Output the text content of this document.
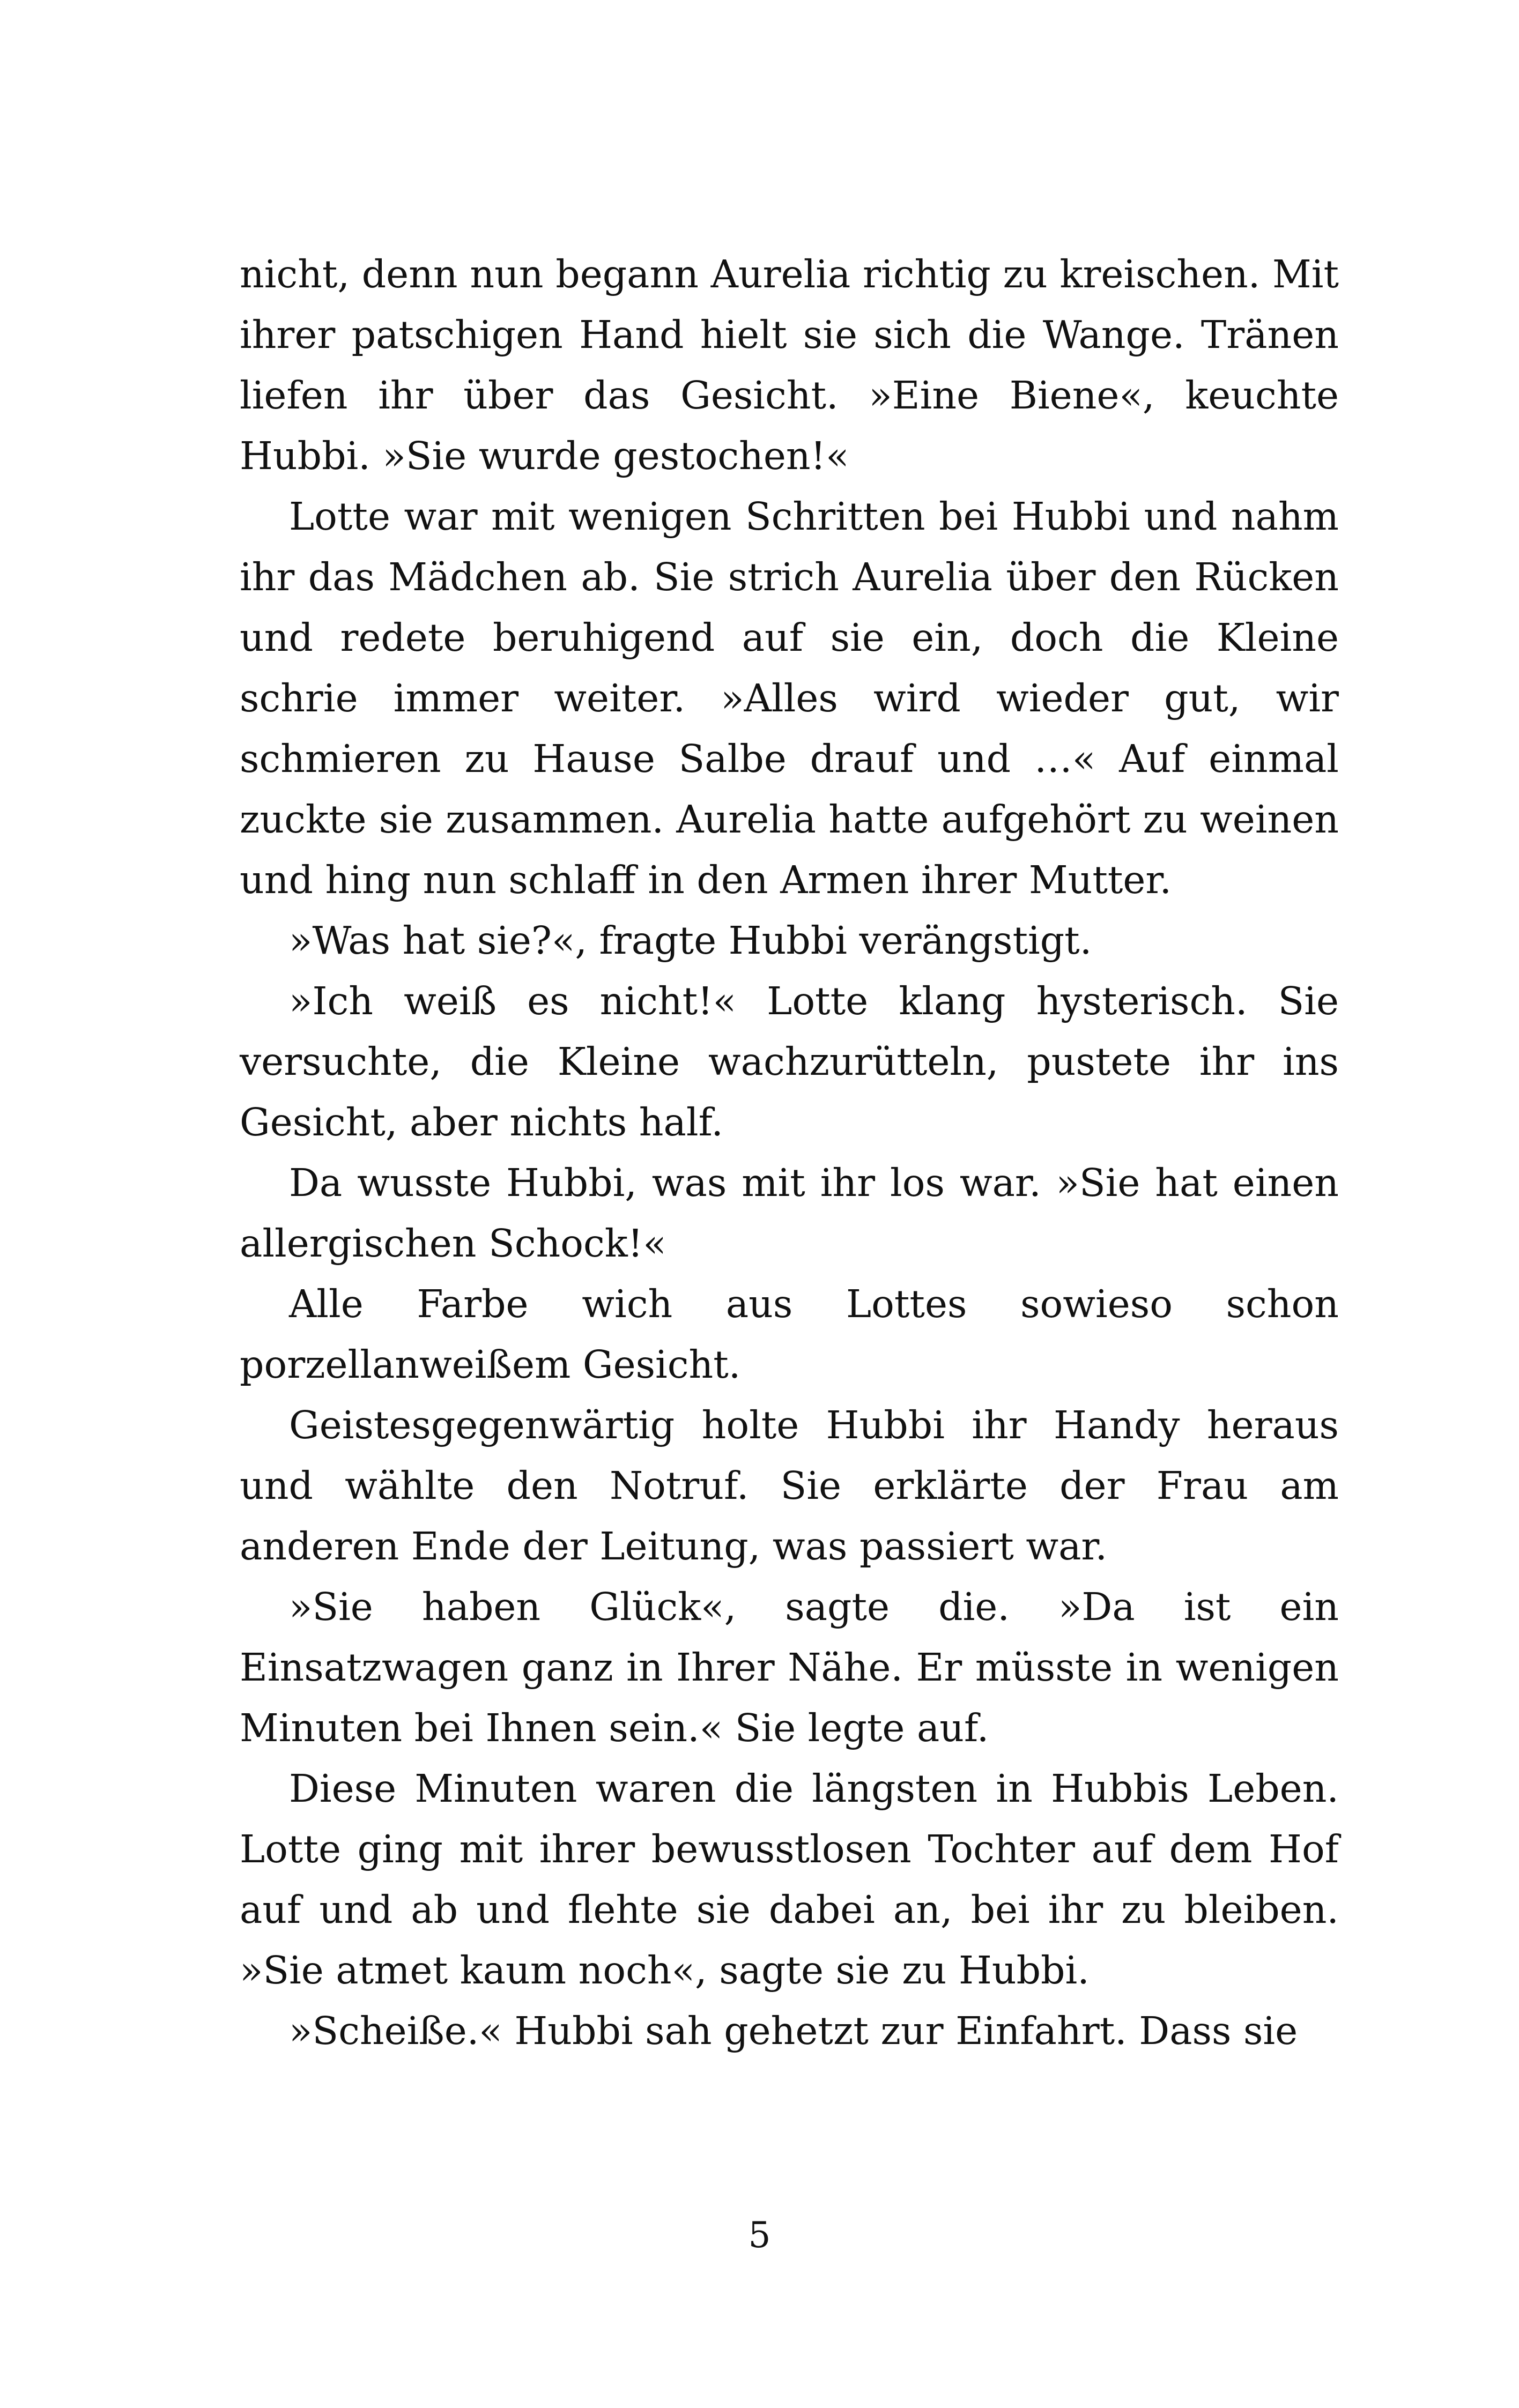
nicht, denn nun begann Aurelia richtig zu kreischen. Mit ihrer patschigen Hand hielt sie sich die Wange. Tränen liefen ihr über das Gesicht. »Eine Biene«, keuchte Hubbi. »Sie wurde gestochen!«

Lotte war mit wenigen Schritten bei Hubbi und nahm ihr das Mädchen ab. Sie strich Aurelia über den Rücken und redete beruhigend auf sie ein, doch die Kleine schrie immer weiter. »Alles wird wieder gut, wir schmieren zu Hause Salbe drauf und …« Auf einmal zuckte sie zusammen. Aurelia hatte aufgehört zu weinen und hing nun schlaff in den Armen ihrer Mutter.

»Was hat sie?«, fragte Hubbi verängstigt.

»Ich weiß es nicht!« Lotte klang hysterisch. Sie versuchte, die Kleine wachzurütteln, pustete ihr ins Gesicht, aber nichts half.

Da wusste Hubbi, was mit ihr los war. »Sie hat einen allergischen Schock!«

Alle Farbe wich aus Lottes sowieso schon porzellanweißem Gesicht.

Geistesgegenwärtig holte Hubbi ihr Handy heraus und wählte den Notruf. Sie erklärte der Frau am anderen Ende der Leitung, was passiert war.

»Sie haben Glück«, sagte die. »Da ist ein Einsatzwagen ganz in Ihrer Nähe. Er müsste in wenigen Minuten bei Ihnen sein.« Sie legte auf.

Diese Minuten waren die längsten in Hubbis Leben. Lotte ging mit ihrer bewusstlosen Tochter auf dem Hof auf und ab und flehte sie dabei an, bei ihr zu bleiben. »Sie atmet kaum noch«, sagte sie zu Hubbi.

»Scheiße.« Hubbi sah gehetzt zur Einfahrt. Dass sie

5
